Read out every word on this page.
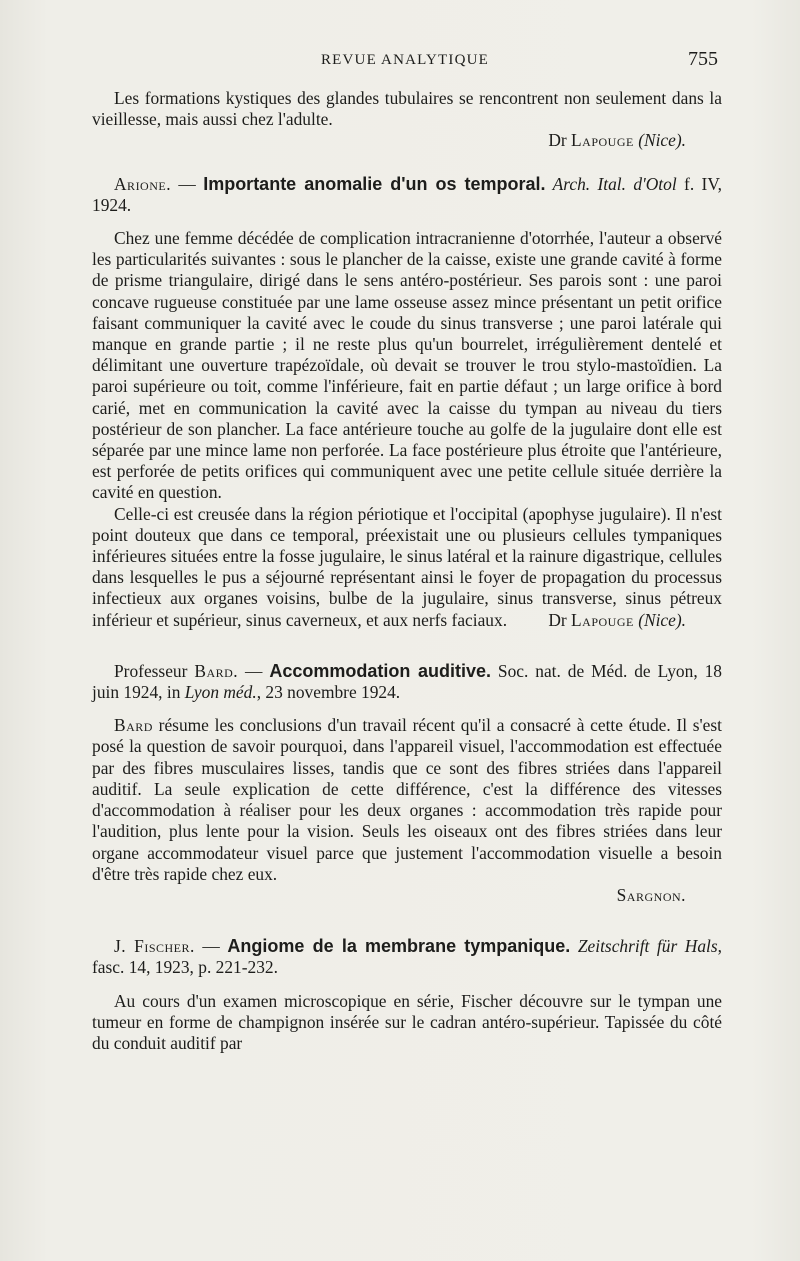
REVUE ANALYTIQUE	755

Les formations kystiques des glandes tubulaires se rencontrent non seulement dans la vieillesse, mais aussi chez l'adulte.

Dr Lapouge (Nice).

Arione. — Importante anomalie d'un os temporal. Arch. Ital. d'Otol f. IV, 1924.

Chez une femme décédée de complication intracranienne d'otorrhée, l'auteur a observé les particularités suivantes : sous le plancher de la caisse, existe une grande cavité à forme de prisme triangulaire, dirigé dans le sens antéro-postérieur. Ses parois sont : une paroi concave rugueuse constituée par une lame osseuse assez mince présentant un petit orifice faisant communiquer la cavité avec le coude du sinus transverse ; une paroi latérale qui manque en grande partie ; il ne reste plus qu'un bourrelet, irrégulièrement dentelé et délimitant une ouverture trapézoïdale, où devait se trouver le trou stylo-mastoïdien. La paroi supérieure ou toit, comme l'inférieure, fait en partie défaut ; un large orifice à bord carié, met en communication la cavité avec la caisse du tympan au niveau du tiers postérieur de son plancher. La face antérieure touche au golfe de la jugulaire dont elle est séparée par une mince lame non perforée. La face postérieure plus étroite que l'antérieure, est perforée de petits orifices qui communiquent avec une petite cellule située derrière la cavité en question.

Celle-ci est creusée dans la région périotique et l'occipital (apophyse jugulaire). Il n'est point douteux que dans ce temporal, préexistait une ou plusieurs cellules tympaniques inférieures situées entre la fosse jugulaire, le sinus latéral et la rainure digastrique, cellules dans lesquelles le pus a séjourné représentant ainsi le foyer de propagation du processus infectieux aux organes voisins, bulbe de la jugulaire, sinus transverse, sinus pétreux inférieur et supérieur, sinus caverneux, et aux nerfs faciaux.	Dr Lapouge (Nice).

Professeur Bard. — Accommodation auditive. Soc. nat. de Méd. de Lyon, 18 juin 1924, in Lyon méd., 23 novembre 1924.

Bard résume les conclusions d'un travail récent qu'il a consacré à cette étude. Il s'est posé la question de savoir pourquoi, dans l'appareil visuel, l'accommodation est effectuée par des fibres musculaires lisses, tandis que ce sont des fibres striées dans l'appareil auditif. La seule explication de cette différence, c'est la différence des vitesses d'accommodation à réaliser pour les deux organes : accommodation très rapide pour l'audition, plus lente pour la vision. Seuls les oiseaux ont des fibres striées dans leur organe accommodateur visuel parce que justement l'accommodation visuelle a besoin d'être très rapide chez eux.

Sargnon.

J. Fischer. — Angiome de la membrane tympanique. Zeitschrift für Hals, fasc. 14, 1923, p. 221-232.

Au cours d'un examen microscopique en série, Fischer découvre sur le tympan une tumeur en forme de champignon insérée sur le cadran antéro-supérieur. Tapissée du côté du conduit auditif par
